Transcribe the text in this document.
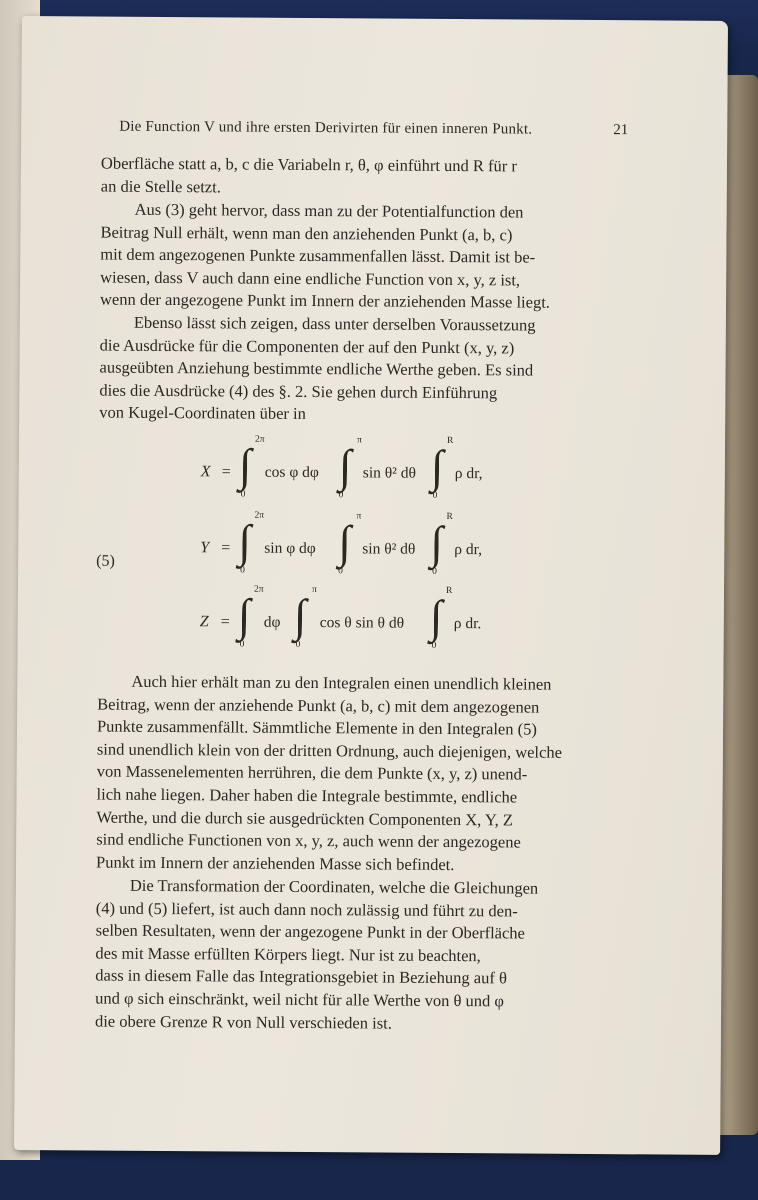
Die Function V und ihre ersten Derivirten für einen inneren Punkt.	21
Oberfläche statt a, b, c die Variabeln r, θ, φ einführt und R für r
an die Stelle setzt.
Aus (3) geht hervor, dass man zu der Potentialfunction den
Beitrag Null erhält, wenn man den anziehenden Punkt (a, b, c)
mit dem angezogenen Punkte zusammenfallen lässt. Damit ist be-
wiesen, dass V auch dann eine endliche Function von x, y, z ist,
wenn der angezogene Punkt im Innern der anziehenden Masse liegt.
Ebenso lässt sich zeigen, dass unter derselben Voraussetzung
die Ausdrücke für die Componenten der auf den Punkt (x, y, z)
ausgeübten Anziehung bestimmte endliche Werthe geben. Es sind
dies die Ausdrücke (4) des §. 2. Sie gehen durch Einführung
von Kugel-Coordinaten über in
(5)
X = ∫ 2π
0
cos φ dφ ∫ π
0
sin θ² dθ ∫ R
0
ρ dr,
Y = ∫ 2π
0
sin φ dφ ∫ π
0
sin θ² dθ ∫ R
0
ρ dr,
Z = ∫ 2π
0
dφ ∫ π
0
cos θ sin θ dθ ∫ R
0
ρ dr.
Auch hier erhält man zu den Integralen einen unendlich kleinen
Beitrag, wenn der anziehende Punkt (a, b, c) mit dem angezogenen
Punkte zusammenfällt. Sämmtliche Elemente in den Integralen (5)
sind unendlich klein von der dritten Ordnung, auch diejenigen, welche
von Massenelementen herrühren, die dem Punkte (x, y, z) unend-
lich nahe liegen. Daher haben die Integrale bestimmte, endliche
Werthe, und die durch sie ausgedrückten Componenten X, Y, Z
sind endliche Functionen von x, y, z, auch wenn der angezogene
Punkt im Innern der anziehenden Masse sich befindet.
Die Transformation der Coordinaten, welche die Gleichungen
(4) und (5) liefert, ist auch dann noch zulässig und führt zu den-
selben Resultaten, wenn der angezogene Punkt in der Oberfläche
des mit Masse erfüllten Körpers liegt. Nur ist zu beachten,
dass in diesem Falle das Integrationsgebiet in Beziehung auf θ
und φ sich einschränkt, weil nicht für alle Werthe von θ und φ
die obere Grenze R von Null verschieden ist.
